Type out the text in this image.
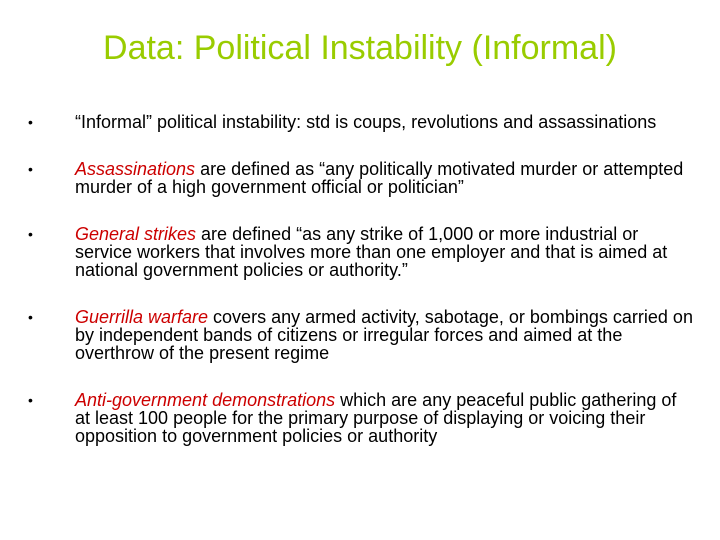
Data: Political Instability (Informal)
• “Informal” political instability: std is coups, revolutions and assassinations
• Assassinations are defined as “any politically motivated murder or attempted murder of a high government official or politician”
• General strikes are defined “as any strike of 1,000 or more industrial or service workers that involves more than one employer and that is aimed at national government policies or authority.”
• Guerrilla warfare covers any armed activity, sabotage, or bombings carried on by independent bands of citizens or irregular forces and aimed at the overthrow of the present regime
• Anti-government demonstrations which are any peaceful public gathering of at least 100 people for the primary purpose of displaying or voicing their opposition to government policies or authority
